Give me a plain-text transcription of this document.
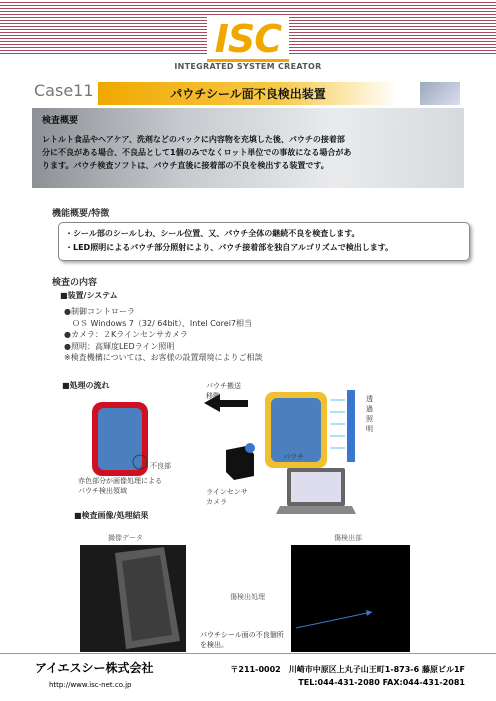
ISC
INTEGRATED SYSTEM CREATOR
Case11	パウチシール面不良検出装置
検査概要

レトルト食品やヘアケア、洗剤などのパックに内容物を充填した後、パウチの接着部

分に不良がある場合、不良品として1個のみでなくロット単位での事故になる場合があ

ります。パウチ検査ソフトは、パウチ直後に接着部の不良を検出する装置です。

機能概要/特徴
・シール部のシールしわ、シール位置、又、パウチ全体の継続不良を検査します。
・LED照明によるパウチ部分照射により、パウチ接着部を独自アルゴリズムで検出します。
検査の内容
■装置/システム
●制御コントローラ
　ＯＳ Windows 7（32/ 64bit）、Intel Corei7相当
●カメラ：２Kラインセンサカメラ
●照明：高輝度LEDライン照明
※検査機構については、お客様の設置環境によりご相談
■処理の流れ
不良部
赤色部分が画像処理による
パウチ検出領域
パウチ搬送
移動	透
過
照
明
パウチ
ラインセンサ
カメラ
■検査画像/処理結果
撮像データ	傷検出部
傷検出処理
パウチシール面の不良個所
を検出。
アイエスシー株式会社
http://www.isc-net.co.jp
〒211-0002　川崎市中原区上丸子山王町1-873-6 藤原ビル1F
TEL:044-431-2080 FAX:044-431-2081
